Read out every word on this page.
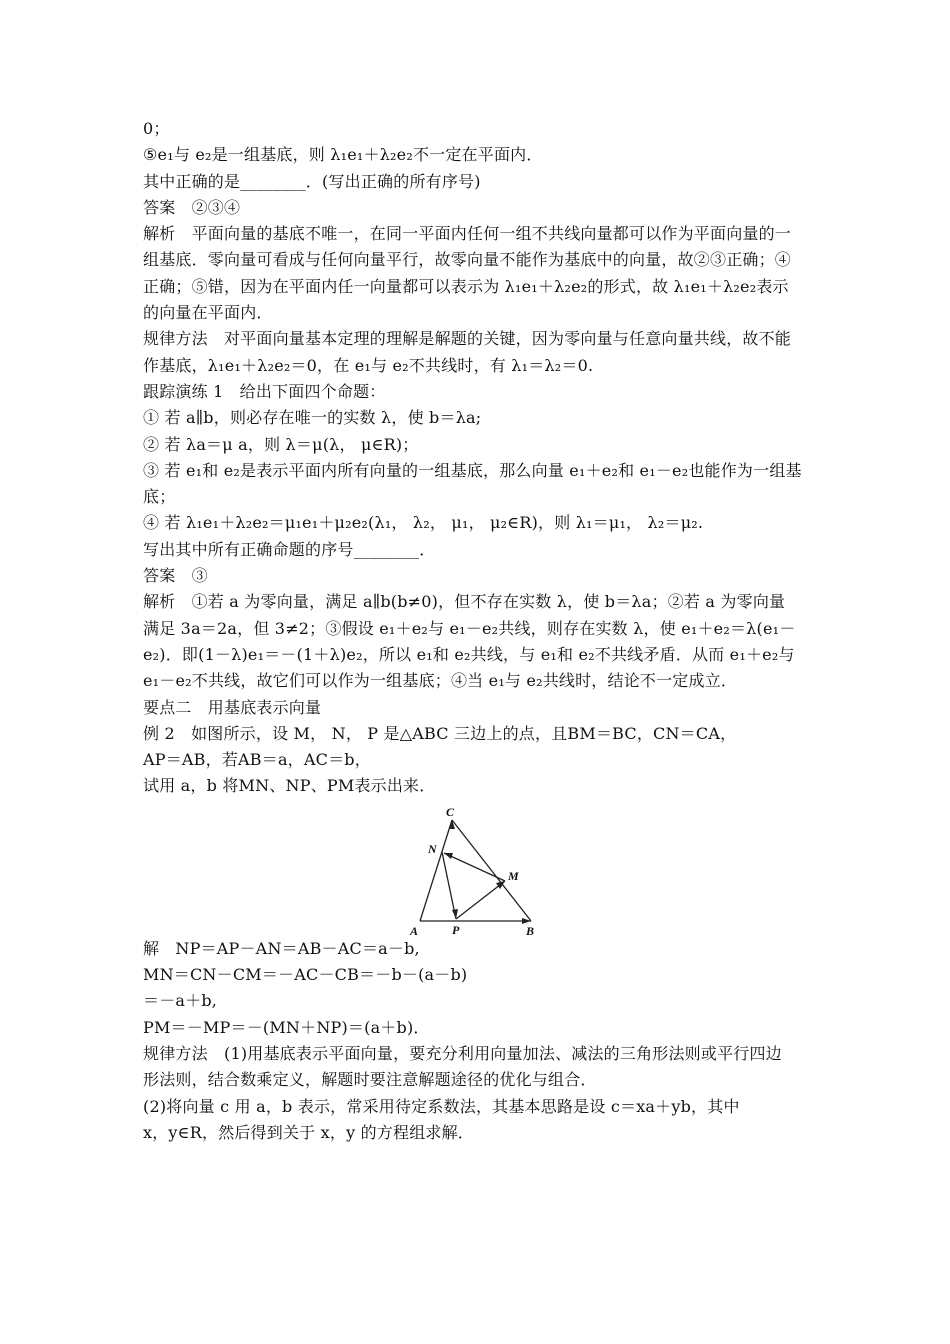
0；
⑤e₁与 e₂是一组基底，则 λ₁e₁＋λ₂e₂不一定在平面内．
其中正确的是________．(写出正确的所有序号)
答案　②③④
解析　平面向量的基底不唯一，在同一平面内任何一组不共线向量都可以作为平面向量的一
组基底．零向量可看成与任何向量平行，故零向量不能作为基底中的向量，故②③正确；④
正确；⑤错，因为在平面内任一向量都可以表示为 λ₁e₁＋λ₂e₂的形式，故 λ₁e₁＋λ₂e₂表示
的向量在平面内．
规律方法　对平面向量基本定理的理解是解题的关键，因为零向量与任意向量共线，故不能
作基底，λ₁e₁＋λ₂e₂＝0，在 e₁与 e₂不共线时，有 λ₁＝λ₂＝0.
跟踪演练 1　给出下面四个命题：
① 若 a∥b，则必存在唯一的实数 λ，使 b＝λa;
② 若 λa＝μ a，则 λ＝μ(λ， μ∈R)；
③ 若 e₁和 e₂是表示平面内所有向量的一组基底，那么向量 e₁＋e₂和 e₁－e₂也能作为一组基
底；
④ 若 λ₁e₁＋λ₂e₂＝μ₁e₁＋μ₂e₂(λ₁， λ₂， μ₁， μ₂∈R)，则 λ₁＝μ₁， λ₂＝μ₂.
写出其中所有正确命题的序号________．
答案　③
解析　①若 a 为零向量，满足 a∥b(b≠0)，但不存在实数 λ，使 b＝λa；②若 a 为零向量
满足 3a＝2a，但 3≠2；③假设 e₁＋e₂与 e₁－e₂共线，则存在实数 λ，使 e₁＋e₂＝λ(e₁－
e₂)．即(1－λ)e₁＝－(1＋λ)e₂，所以 e₁和 e₂共线，与 e₁和 e₂不共线矛盾．从而 e₁＋e₂与
e₁－e₂不共线，故它们可以作为一组基底；④当 e₁与 e₂共线时，结论不一定成立．
要点二　用基底表示向量
例 2　如图所示，设 M， N， P 是△ABC 三边上的点，且BM＝BC，CN＝CA，
AP＝AB，若AB＝a，AC＝b，
试用 a，b 将MN、NP、PM表示出来．
A	B
C
M
N
P
解　NP＝AP－AN＝AB－AC＝a－b,
MN＝CN－CM＝－AC－CB＝－b－(a－b)
＝－a＋b,
PM＝－MP＝－(MN＋NP)＝(a＋b)．
规律方法　(1)用基底表示平面向量，要充分利用向量加法、减法的三角形法则或平行四边
形法则，结合数乘定义，解题时要注意解题途径的优化与组合．
(2)将向量 c 用 a，b 表示，常采用待定系数法，其基本思路是设 c＝xa＋yb，其中
x，y∈R，然后得到关于 x，y 的方程组求解．
